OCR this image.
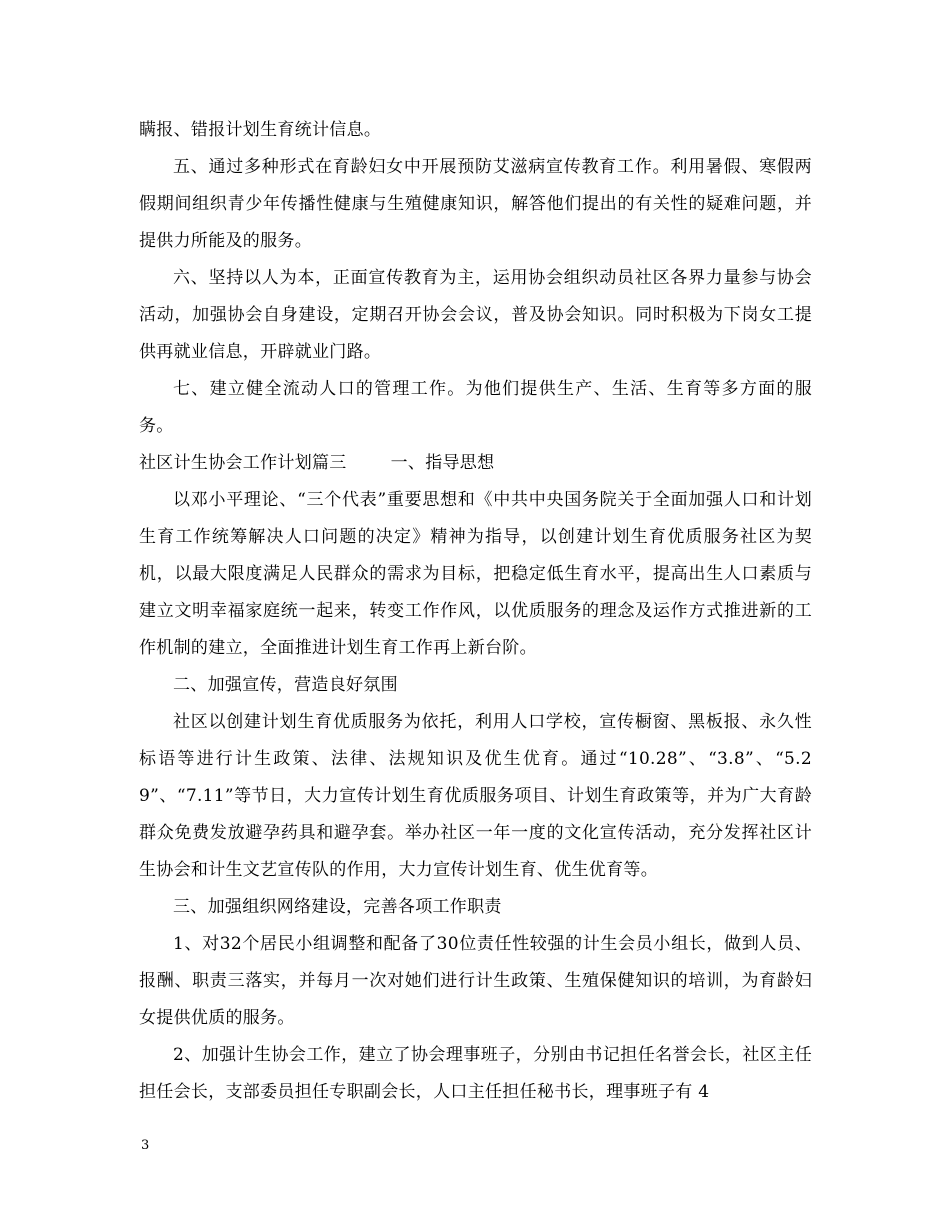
瞒报、错报计划生育统计信息。

五、通过多种形式在育龄妇女中开展预防艾滋病宣传教育工作。利用暑假、寒假两假期间组织青少年传播性健康与生殖健康知识，解答他们提出的有关性的疑难问题，并提供力所能及的服务。

六、坚持以人为本，正面宣传教育为主，运用协会组织动员社区各界力量参与协会活动，加强协会自身建设，定期召开协会会议，普及协会知识。同时积极为下岗女工提供再就业信息，开辟就业门路。

七、建立健全流动人口的管理工作。为他们提供生产、生活、生育等多方面的服务。

社区计生协会工作计划篇三	一、指导思想

以邓小平理论、“三个代表”重要思想和《中共中央国务院关于全面加强人口和计划生育工作统筹解决人口问题的决定》精神为指导，以创建计划生育优质服务社区为契机，以最大限度满足人民群众的需求为目标，把稳定低生育水平，提高出生人口素质与建立文明幸福家庭统一起来，转变工作作风，以优质服务的理念及运作方式推进新的工作机制的建立，全面推进计划生育工作再上新台阶。

二、加强宣传，营造良好氛围

社区以创建计划生育优质服务为依托，利用人口学校，宣传橱窗、黑板报、永久性标语等进行计生政策、法律、法规知识及优生优育。通过“10.28”、“3.8”、“5.29”、“7.11”等节日，大力宣传计划生育优质服务项目、计划生育政策等，并为广大育龄群众免费发放避孕药具和避孕套。举办社区一年一度的文化宣传活动，充分发挥社区计生协会和计生文艺宣传队的作用，大力宣传计划生育、优生优育等。

三、加强组织网络建设，完善各项工作职责

1、对32个居民小组调整和配备了30位责任性较强的计生会员小组长，做到人员、报酬、职责三落实，并每月一次对她们进行计生政策、生殖保健知识的培训，为育龄妇女提供优质的服务。

2、加强计生协会工作，建立了协会理事班子，分别由书记担任名誉会长，社区主任担任会长，支部委员担任专职副会长，人口主任担任秘书长，理事班子有 4

3
